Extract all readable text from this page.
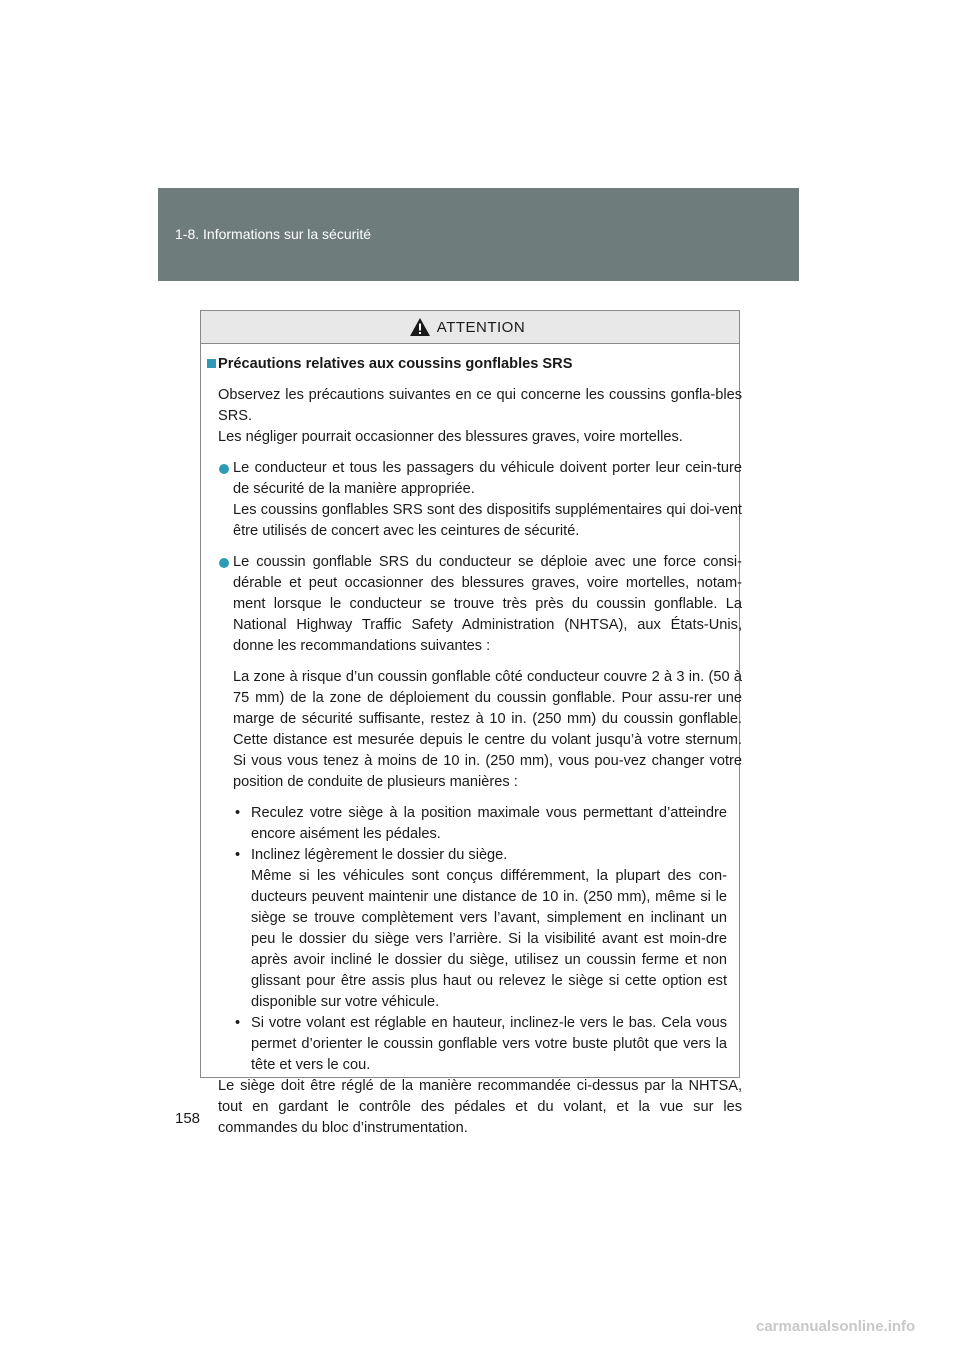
1-8. Informations sur la sécurité
ATTENTION
Précautions relatives aux coussins gonflables SRS
Observez les précautions suivantes en ce qui concerne les coussins gonfla-bles SRS.
Les négliger pourrait occasionner des blessures graves, voire mortelles.
Le conducteur et tous les passagers du véhicule doivent porter leur cein-ture de sécurité de la manière appropriée.
Les coussins gonflables SRS sont des dispositifs supplémentaires qui doi-vent être utilisés de concert avec les ceintures de sécurité.
Le coussin gonflable SRS du conducteur se déploie avec une force consi-dérable et peut occasionner des blessures graves, voire mortelles, notam-ment lorsque le conducteur se trouve très près du coussin gonflable. La National Highway Traffic Safety Administration (NHTSA), aux États-Unis, donne les recommandations suivantes :
La zone à risque d’un coussin gonflable côté conducteur couvre 2 à 3 in. (50 à 75 mm) de la zone de déploiement du coussin gonflable. Pour assu-rer une marge de sécurité suffisante, restez à 10 in. (250 mm) du coussin gonflable. Cette distance est mesurée depuis le centre du volant jusqu’à votre sternum. Si vous vous tenez à moins de 10 in. (250 mm), vous pou-vez changer votre position de conduite de plusieurs manières :
• Reculez votre siège à la position maximale vous permettant d’atteindre encore aisément les pédales.
• Inclinez légèrement le dossier du siège.
Même si les véhicules sont conçus différemment, la plupart des con-ducteurs peuvent maintenir une distance de 10 in. (250 mm), même si le siège se trouve complètement vers l’avant, simplement en inclinant un peu le dossier du siège vers l’arrière. Si la visibilité avant est moin-dre après avoir incliné le dossier du siège, utilisez un coussin ferme et non glissant pour être assis plus haut ou relevez le siège si cette option est disponible sur votre véhicule.
• Si votre volant est réglable en hauteur, inclinez-le vers le bas. Cela vous permet d’orienter le coussin gonflable vers votre buste plutôt que vers la tête et vers le cou.
Le siège doit être réglé de la manière recommandée ci-dessus par la NHTSA, tout en gardant le contrôle des pédales et du volant, et la vue sur les commandes du bloc d’instrumentation.
158
carmanualsonline.info
